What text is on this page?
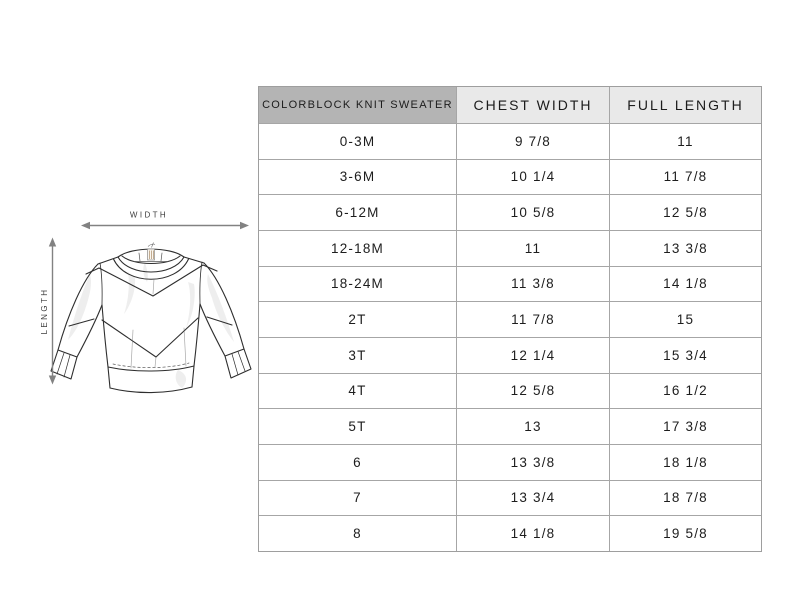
WIDTH
LENGTH
COLORBLOCK KNIT SWEATER	CHEST WIDTH	FULL LENGTH
0-3M	9 7/8	11
3-6M	10 1/4	11 7/8
6-12M	10 5/8	12 5/8
12-18M	11	13 3/8
18-24M	11 3/8	14 1/8
2T	11 7/8	15
3T	12 1/4	15 3/4
4T	12 5/8	16 1/2
5T	13	17 3/8
6	13 3/8	18 1/8
7	13 3/4	18 7/8
8	14 1/8	19 5/8
